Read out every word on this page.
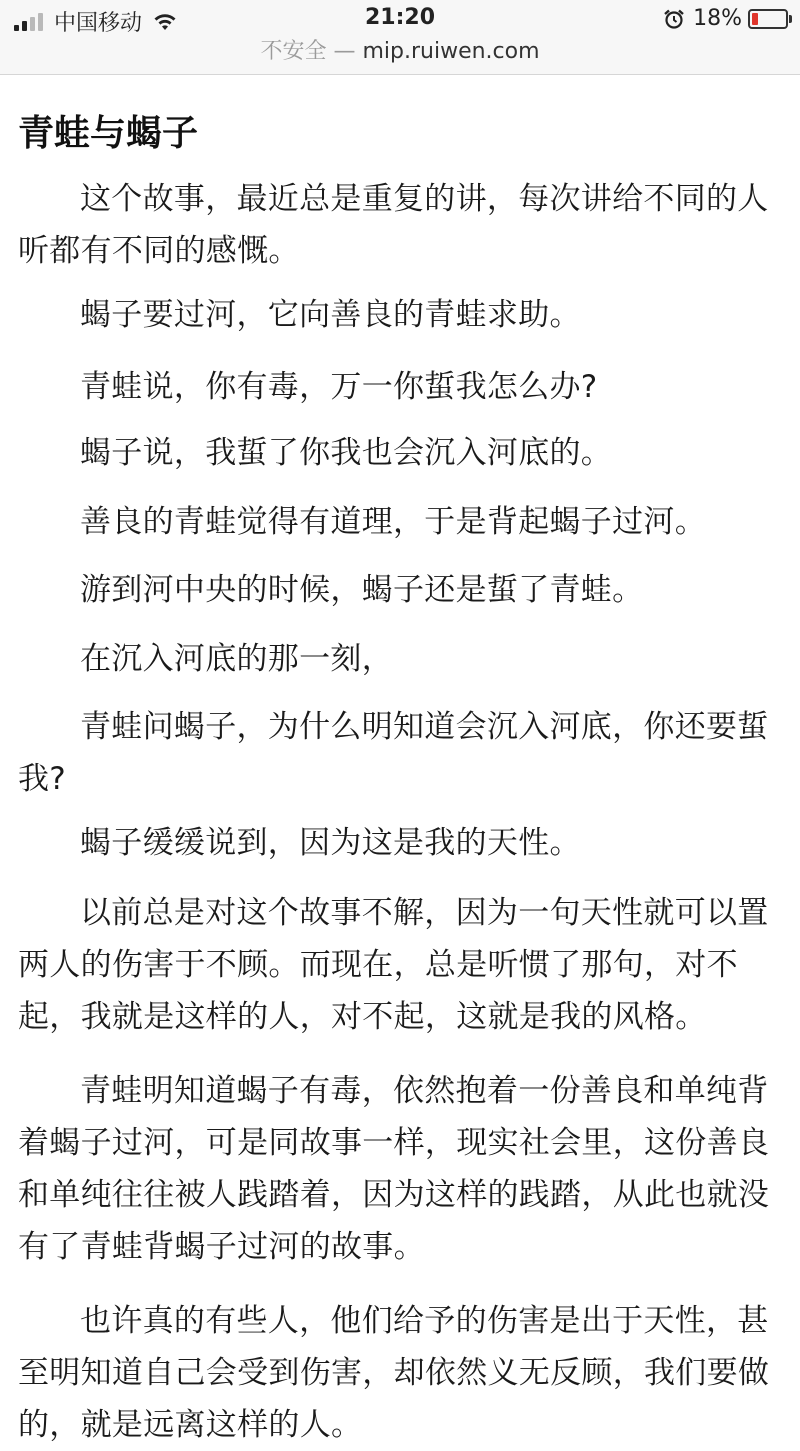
中国移动	21:20	18%
不安全 — mip.ruiwen.com
青蛙与蝎子

这个故事，最近总是重复的讲，每次讲给不同的人听都有不同的感慨。

蝎子要过河，它向善良的青蛙求助。

青蛙说，你有毒，万一你蜇我怎么办?

蝎子说，我蜇了你我也会沉入河底的。

善良的青蛙觉得有道理，于是背起蝎子过河。

游到河中央的时候，蝎子还是蜇了青蛙。

在沉入河底的那一刻，

青蛙问蝎子，为什么明知道会沉入河底，你还要蜇我?

蝎子缓缓说到，因为这是我的天性。

以前总是对这个故事不解，因为一句天性就可以置两人的伤害于不顾。而现在，总是听惯了那句，对不起，我就是这样的人，对不起，这就是我的风格。

青蛙明知道蝎子有毒，依然抱着一份善良和单纯背着蝎子过河，可是同故事一样，现实社会里，这份善良和单纯往往被人践踏着，因为这样的践踏，从此也就没有了青蛙背蝎子过河的故事。

也许真的有些人，他们给予的伤害是出于天性，甚至明知道自己会受到伤害，却依然义无反顾，我们要做的，就是远离这样的人。
